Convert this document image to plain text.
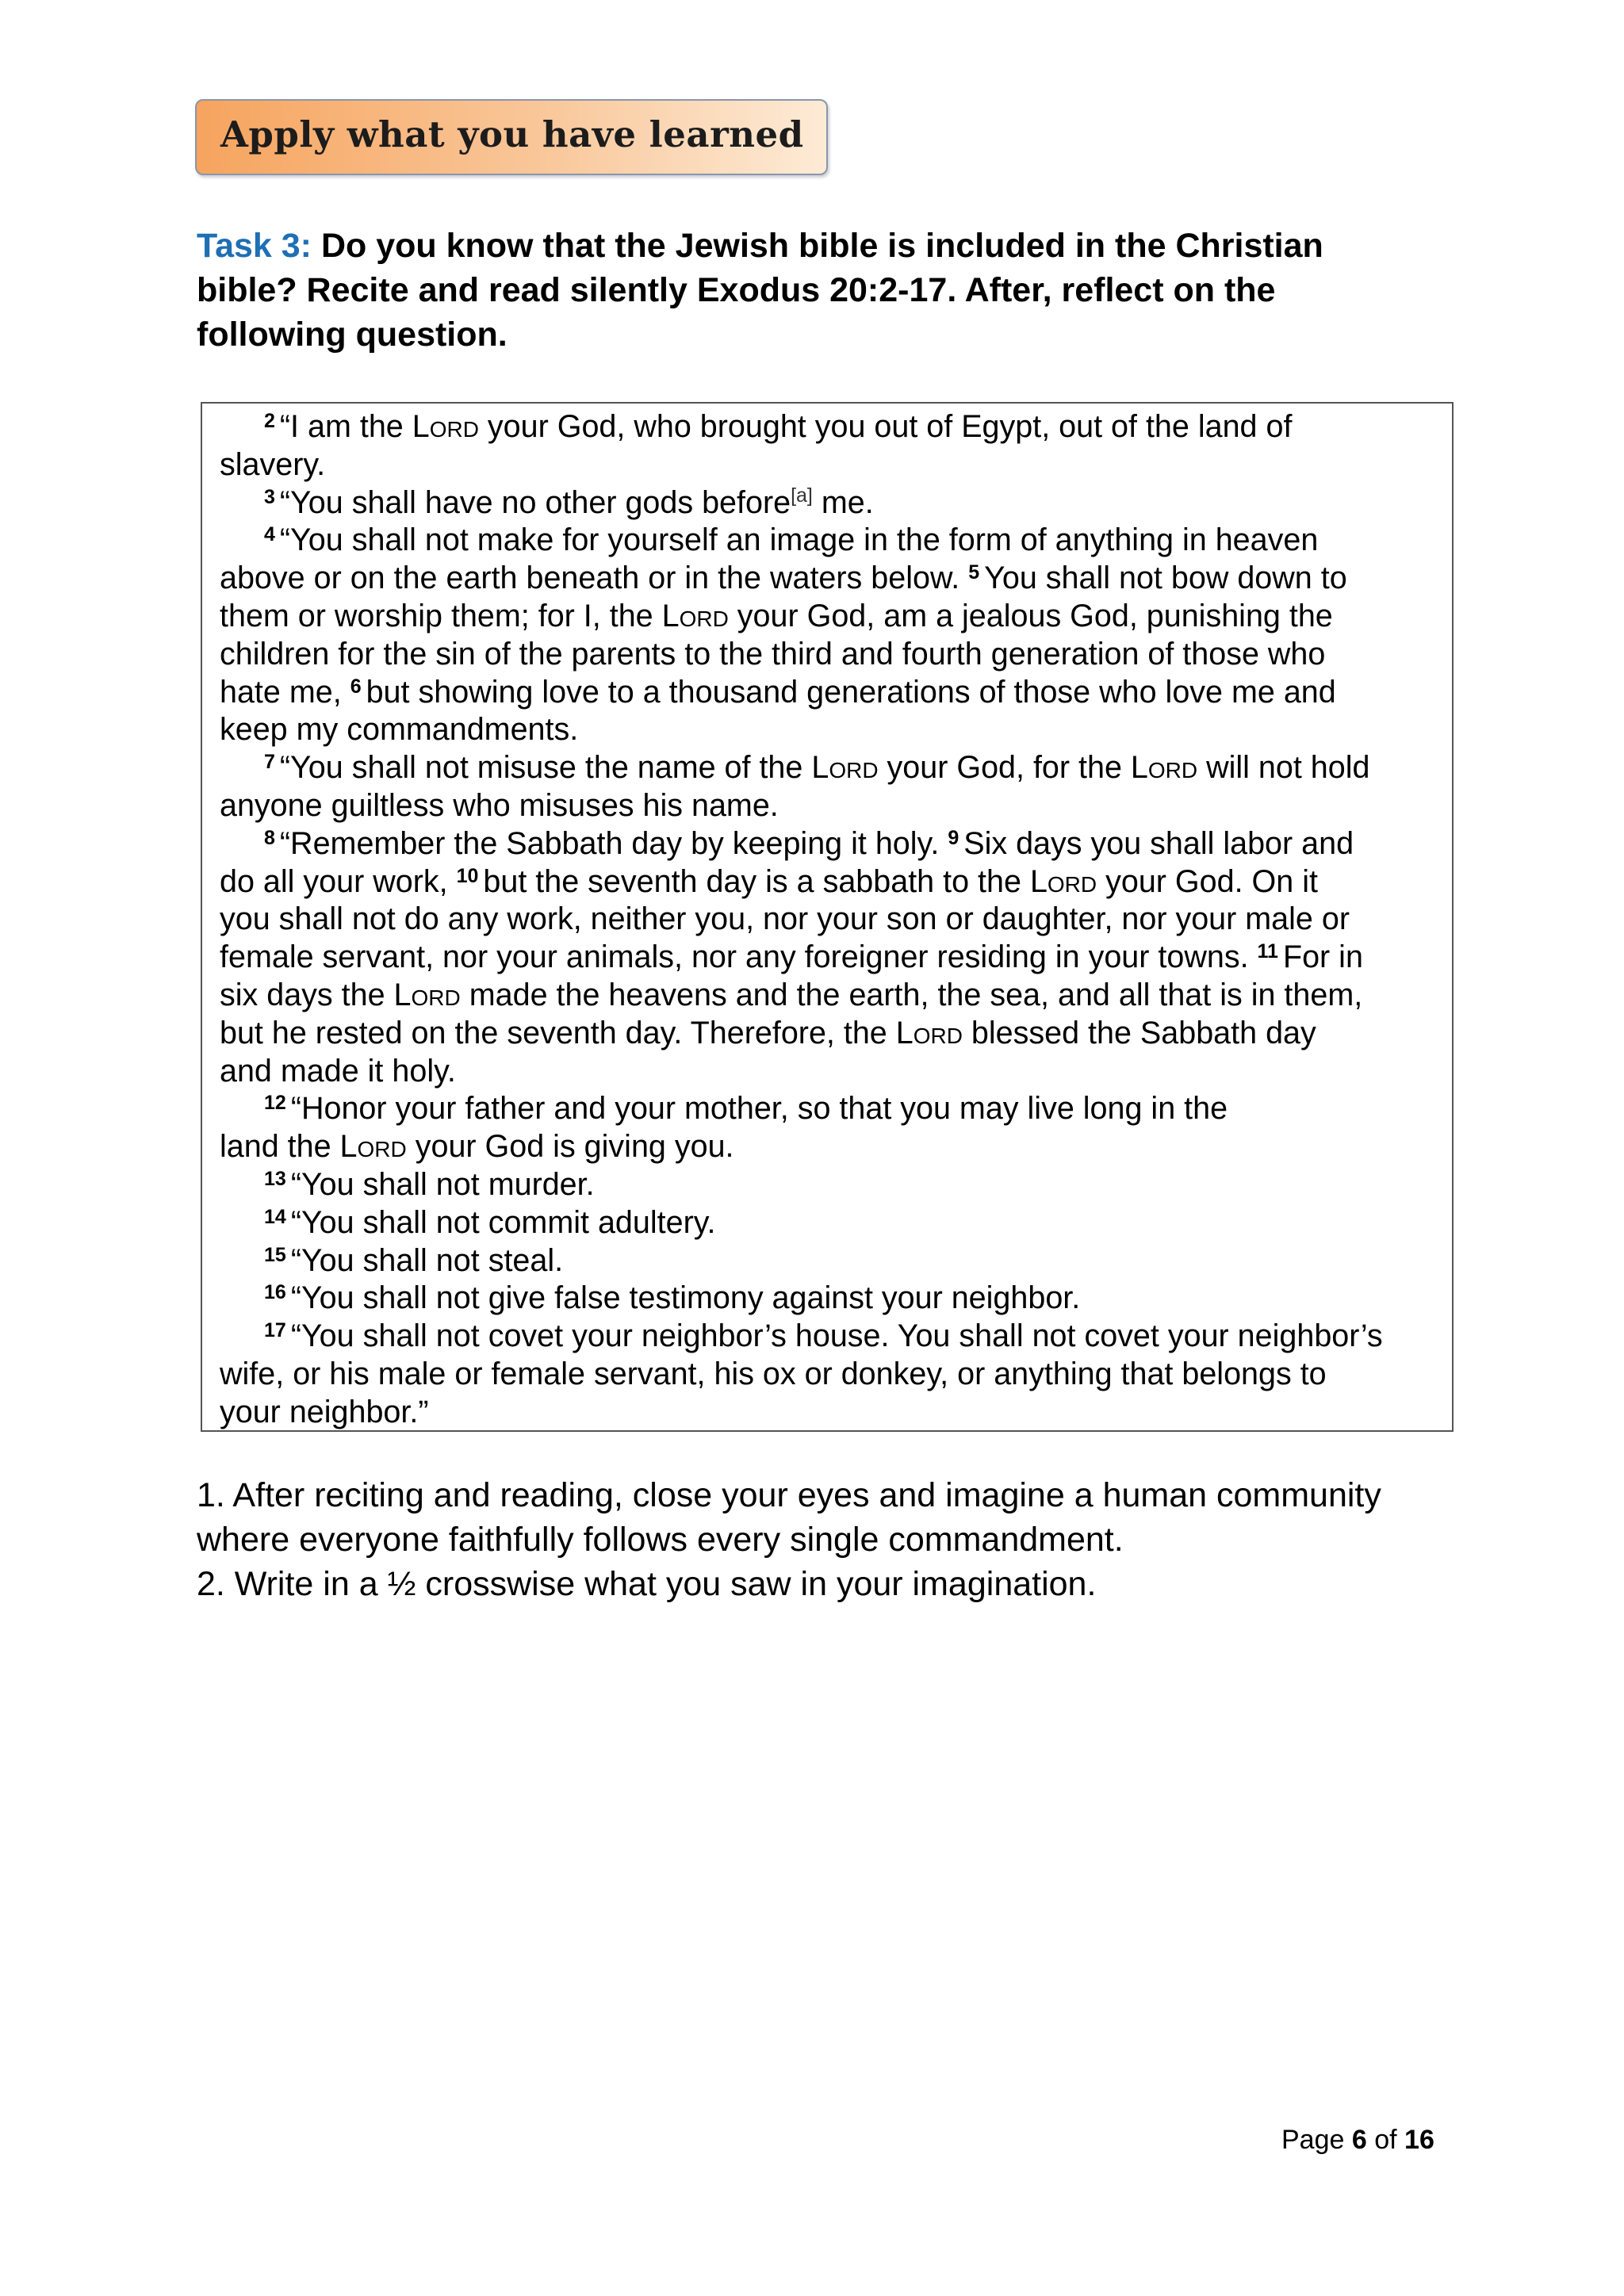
Apply what you have learned
Task 3: Do you know that the Jewish bible is included in the Christian
bible? Recite and read silently Exodus 20:2-17. After, reflect on the
following question.
$^2$ “I am the Lord your God, who brought you out of Egypt, out of the land of
slavery.
$^3$ “You shall have no other gods before[a] me.
$^4$ “You shall not make for yourself an image in the form of anything in heaven
above or on the earth beneath or in the waters below. $^5$ You shall not bow down to
them or worship them; for I, the Lord your God, am a jealous God, punishing the
children for the sin of the parents to the third and fourth generation of those who
hate me, $^6$ but showing love to a thousand generations of those who love me and
keep my commandments.
$^7$ “You shall not misuse the name of the Lord your God, for the Lord will not hold
anyone guiltless who misuses his name.
$^8$ “Remember the Sabbath day by keeping it holy. $^9$ Six days you shall labor and
do all your work, $^{10}$ but the seventh day is a sabbath to the Lord your God. On it
you shall not do any work, neither you, nor your son or daughter, nor your male or
female servant, nor your animals, nor any foreigner residing in your towns. $^{11}$ For in
six days the Lord made the heavens and the earth, the sea, and all that is in them,
but he rested on the seventh day. Therefore, the Lord blessed the Sabbath day
and made it holy.
$^{12}$ “Honor your father and your mother, so that you may live long in the
land the Lord your God is giving you.
$^{13}$ “You shall not murder.
$^{14}$ “You shall not commit adultery.
$^{15}$ “You shall not steal.
$^{16}$ “You shall not give false testimony against your neighbor.
$^{17}$ “You shall not covet your neighbor’s house. You shall not covet your neighbor’s
wife, or his male or female servant, his ox or donkey, or anything that belongs to
your neighbor.”
1. After reciting and reading, close your eyes and imagine a human community
where everyone faithfully follows every single commandment.
2. Write in a ½ crosswise what you saw in your imagination.
Page 6 of 16
